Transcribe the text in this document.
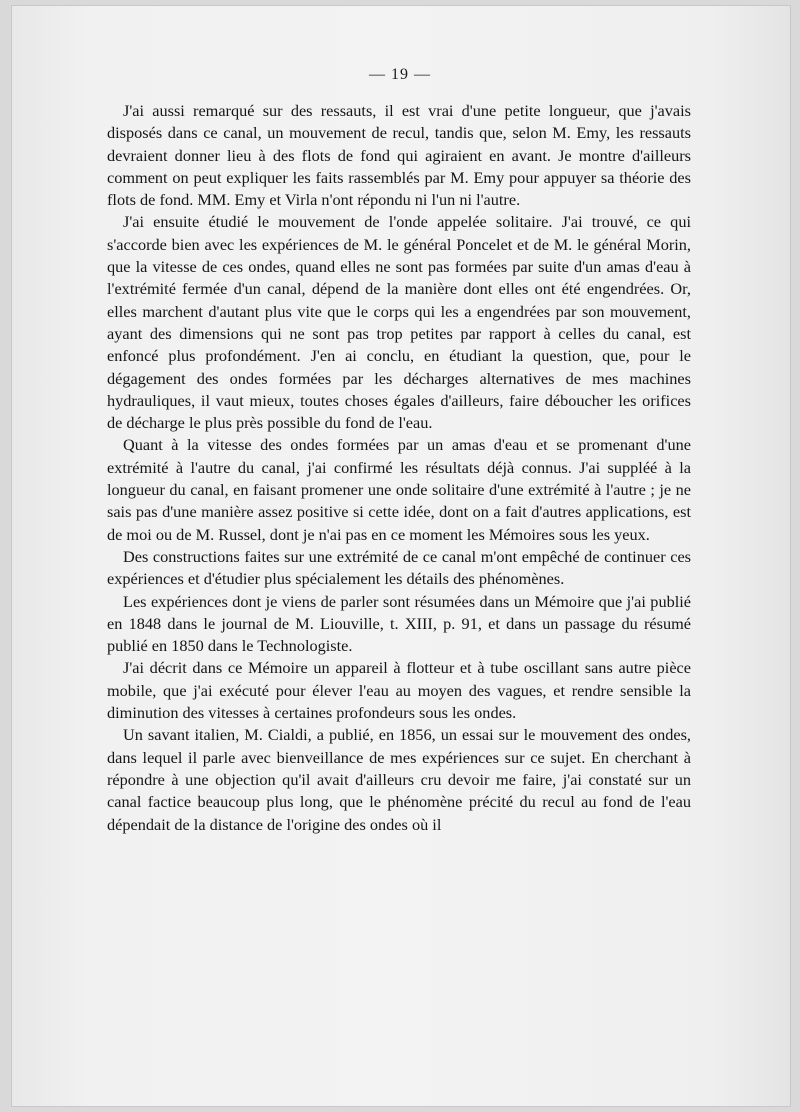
— 19 —

J'ai aussi remarqué sur des ressauts, il est vrai d'une petite longueur, que j'avais disposés dans ce canal, un mouvement de recul, tandis que, selon M. Emy, les ressauts devraient donner lieu à des flots de fond qui agiraient en avant. Je montre d'ailleurs comment on peut expliquer les faits rassemblés par M. Emy pour appuyer sa théorie des flots de fond. MM. Emy et Virla n'ont répondu ni l'un ni l'autre.

J'ai ensuite étudié le mouvement de l'onde appelée solitaire. J'ai trouvé, ce qui s'accorde bien avec les expériences de M. le général Poncelet et de M. le général Morin, que la vitesse de ces ondes, quand elles ne sont pas formées par suite d'un amas d'eau à l'extrémité fermée d'un canal, dépend de la manière dont elles ont été engendrées. Or, elles marchent d'autant plus vite que le corps qui les a engendrées par son mouvement, ayant des dimensions qui ne sont pas trop petites par rapport à celles du canal, est enfoncé plus profondément. J'en ai conclu, en étudiant la question, que, pour le dégagement des ondes formées par les décharges alternatives de mes machines hydrauliques, il vaut mieux, toutes choses égales d'ailleurs, faire déboucher les orifices de décharge le plus près possible du fond de l'eau.

Quant à la vitesse des ondes formées par un amas d'eau et se promenant d'une extrémité à l'autre du canal, j'ai confirmé les résultats déjà connus. J'ai suppléé à la longueur du canal, en faisant promener une onde solitaire d'une extrémité à l'autre ; je ne sais pas d'une manière assez positive si cette idée, dont on a fait d'autres applications, est de moi ou de M. Russel, dont je n'ai pas en ce moment les Mémoires sous les yeux.

Des constructions faites sur une extrémité de ce canal m'ont empêché de continuer ces expériences et d'étudier plus spécialement les détails des phénomènes.

Les expériences dont je viens de parler sont résumées dans un Mémoire que j'ai publié en 1848 dans le journal de M. Liouville, t. XIII, p. 91, et dans un passage du résumé publié en 1850 dans le Technologiste.

J'ai décrit dans ce Mémoire un appareil à flotteur et à tube oscillant sans autre pièce mobile, que j'ai exécuté pour élever l'eau au moyen des vagues, et rendre sensible la diminution des vitesses à certaines profondeurs sous les ondes.

Un savant italien, M. Cialdi, a publié, en 1856, un essai sur le mouvement des ondes, dans lequel il parle avec bienveillance de mes expériences sur ce sujet. En cherchant à répondre à une objection qu'il avait d'ailleurs cru devoir me faire, j'ai constaté sur un canal factice beaucoup plus long, que le phénomène précité du recul au fond de l'eau dépendait de la distance de l'origine des ondes où il
